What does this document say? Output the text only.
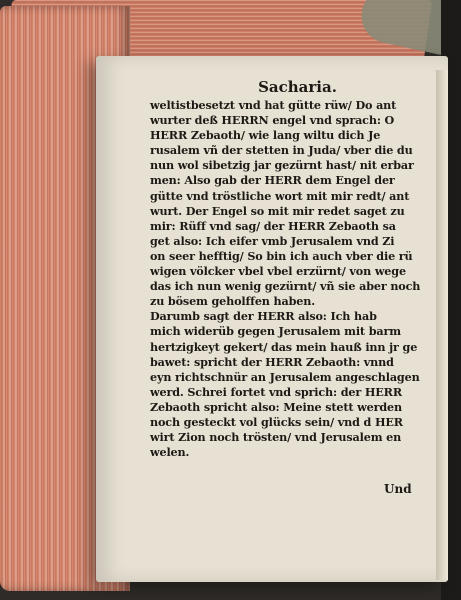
Sacharia.
weltistbesetzt vnd hat gütte rüw/ Do ant
wurter deß HERRN engel vnd sprach: O
HERR Zebaoth/ wie lang wiltu dich Je
rusalem vñ der stetten in Juda/ vber die du
nun wol sibetzig jar gezürnt hast/ nit erbar
men: Also gab der HERR dem Engel der
gütte vnd tröstliche wort mit mir redt/ ant
wurt. Der Engel so mit mir redet saget zu
mir: Rüff vnd sag/ der HERR Zebaoth sa
get also: Ich eifer vmb Jerusalem vnd Zi
on seer hefftig/ So bin ich auch vber die rü
wigen völcker vbel vbel erzürnt/ von wege
das ich nun wenig gezürnt/ vñ sie aber noch
zu bösem geholffen haben.
Darumb sagt der HERR also: Ich hab
mich widerüb gegen Jerusalem mit barm
hertzigkeyt gekert/ das mein hauß inn jr ge
bawet: spricht der HERR Zebaoth: vnnd
eyn richtschnür an Jerusalem angeschlagen
werd. Schrei fortet vnd sprich: der HERR
Zebaoth spricht also: Meine stett werden
noch gesteckt vol glücks sein/ vnd d HER
wirt Zion noch trösten/ vnd Jerusalem en
welen.
Und
